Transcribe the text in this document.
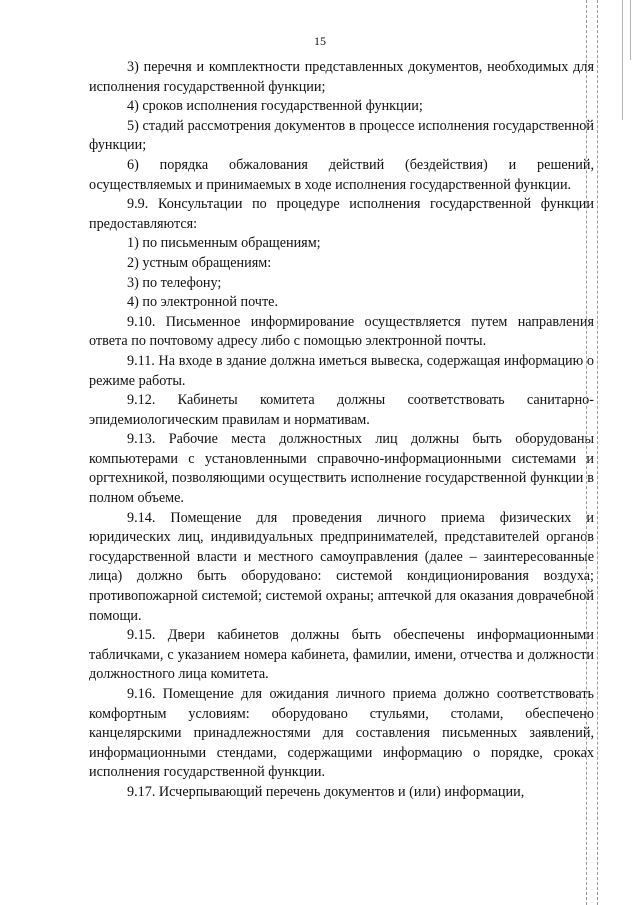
15

3) перечня и комплектности представленных документов, необходимых для исполнения государственной функции;

4) сроков исполнения государственной функции;

5) стадий рассмотрения документов в процессе исполнения государственной функции;

6) порядка обжалования действий (бездействия) и решений, осуществляемых и принимаемых в ходе исполнения государственной функции.

9.9. Консультации по процедуре исполнения государственной функции предоставляются:

1) по письменным обращениям;

2) устным обращениям:

3) по телефону;

4) по электронной почте.

9.10. Письменное информирование осуществляется путем направления ответа по почтовому адресу либо с помощью электронной почты.

9.11. На входе в здание должна иметься вывеска, содержащая информацию о режиме работы.

9.12. Кабинеты комитета должны соответствовать санитарно-эпидемиологическим правилам и нормативам.

9.13. Рабочие места должностных лиц должны быть оборудованы компьютерами с установленными справочно-информационными системами и оргтехникой, позволяющими осуществить исполнение государственной функции в полном объеме.

9.14. Помещение для проведения личного приема физических и юридических лиц, индивидуальных предпринимателей, представителей органов государственной власти и местного самоуправления (далее – заинтересованные лица) должно быть оборудовано: системой кондиционирования воздуха; противопожарной системой; системой охраны; аптечкой для оказания доврачебной помощи.

9.15. Двери кабинетов должны быть обеспечены информационными табличками, с указанием номера кабинета, фамилии, имени, отчества и должности должностного лица комитета.

9.16. Помещение для ожидания личного приема должно соответствовать комфортным условиям: оборудовано стульями, столами, обеспечено канцелярскими принадлежностями для составления письменных заявлений, информационными стендами, содержащими информацию о порядке, сроках исполнения государственной функции.

9.17. Исчерпывающий перечень документов и (или) информации,
